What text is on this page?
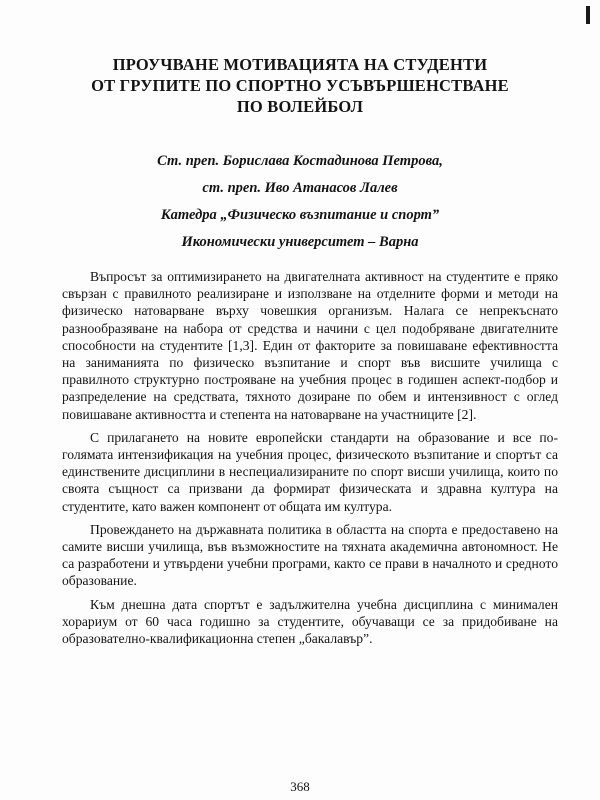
ПРОУЧВАНЕ МОТИВАЦИЯТА НА СТУДЕНТИ
ОТ ГРУПИТЕ ПО СПОРТНО УСЪВЪРШЕНСТВАНЕ
ПО ВОЛЕЙБОЛ
Ст. преп. Борислава Костадинова Петрова,
ст. преп. Иво Атанасов Лалев
Катедра „Физическо възпитание и спорт”
Икономически университет – Варна

Въпросът за оптимизирането на двигателната активност на студентите е пряко свързан с правилното реализиране и използване на отделните форми и методи на физическо натоварване върху човешкия организъм. Налага се непрекъснато разнообразяване на набора от средства и начини с цел подобряване двигателните способности на студентите [1,3]. Един от факторите за повишаване ефективността на заниманията по физическо възпитание и спорт във висшите училища с правилното структурно построяване на учебния процес в годишен аспект-подбор и разпределение на средствата, тяхното дозиране по обем и интензивност с оглед повишаване активността и степента на натоварване на участниците [2].

С прилагането на новите европейски стандарти на образование и все по-голямата интензификация на учебния процес, физическото възпитание и спортът са единствените дисциплини в неспециализираните по спорт висши училища, които по своята същност са призвани да формират физическата и здравна култура на студентите, като важен компонент от общата им култура.

Провеждането на държавната политика в областта на спорта е предоставено на самите висши училища, във възможностите на тяхната академична автономност. Не са разработени и утвърдени учебни програми, както се прави в началното и средното образование.

Към днешна дата спортът е задължителна учебна дисциплина с минимален хорариум от 60 часа годишно за студентите, обучаващи се за придобиване на образователно-квалификационна степен „бакалавър”.

368
